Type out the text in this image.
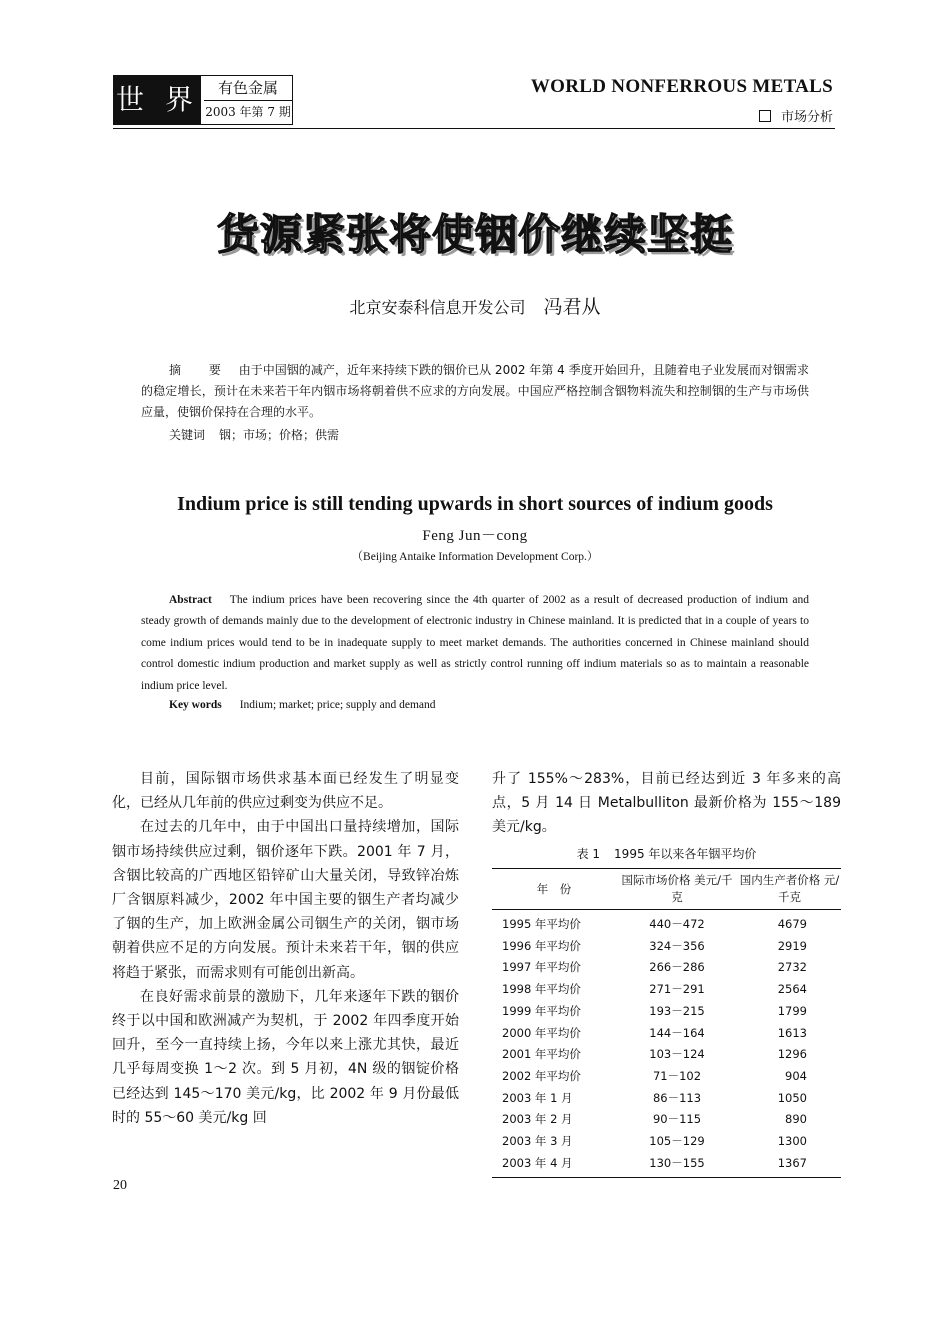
世 界	有色金属
2003 年第 7 期
WORLD NONFERROUS METALS
市场分析
货源紧张将使铟价继续坚挺
北京安泰科信息开发公司 冯君从
摘 要 由于中国铟的减产，近年来持续下跌的铟价已从 2002 年第 4 季度开始回升，且随着电子业发展而对铟需求的稳定增长，预计在未来若干年内铟市场将朝着供不应求的方向发展。中国应严格控制含铟物料流失和控制铟的生产与市场供应量，使铟价保持在合理的水平。
关键词 铟；市场；价格；供需
Indium price is still tending upwards in short sources of indium goods
Feng Jun－cong
（Beijing Antaike Information Development Corp.）
Abstract The indium prices have been recovering since the 4th quarter of 2002 as a result of decreased production of indium and steady growth of demands mainly due to the development of electronic industry in Chinese mainland. It is predicted that in a couple of years to come indium prices would tend to be in inadequate supply to meet market demands. The authorities concerned in Chinese mainland should control domestic indium production and market supply as well as strictly control running off indium materials so as to maintain a reasonable indium price level.
Key words Indium; market; price; supply and demand

目前，国际铟市场供求基本面已经发生了明显变化，已经从几年前的供应过剩变为供应不足。

在过去的几年中，由于中国出口量持续增加，国际铟市场持续供应过剩，铟价逐年下跌。2001 年 7 月，含铟比较高的广西地区铅锌矿山大量关闭，导致锌冶炼厂含铟原料减少，2002 年中国主要的铟生产者均减少了铟的生产，加上欧洲金属公司铟生产的关闭，铟市场朝着供应不足的方向发展。预计未来若干年，铟的供应将趋于紧张，而需求则有可能创出新高。

在良好需求前景的激励下，几年来逐年下跌的铟价终于以中国和欧洲减产为契机，于 2002 年四季度开始回升，至今一直持续上扬，今年以来上涨尤其快，最近几乎每周变换 1～2 次。到 5 月初，4N 级的铟锭价格已经达到 145～170 美元/kg，比 2002 年 9 月份最低时的 55～60 美元/kg 回

升了 155%～283%，目前已经达到近 3 年多来的高点，5 月 14 日 Metalbulliton 最新价格为 155～189 美元/kg。

20
表 1 1995 年以来各年铟平均价
年　份	国际市场价格 美元/千克	国内生产者价格 元/千克
1995 年平均价	440－472	4679
1996 年平均价	324－356	2919
1997 年平均价	266－286	2732
1998 年平均价	271－291	2564
1999 年平均价	193－215	1799
2000 年平均价	144－164	1613
2001 年平均价	103－124	1296
2002 年平均价	71－102	904
2003 年 1 月	86－113	1050
2003 年 2 月	90－115	890
2003 年 3 月	105－129	1300
2003 年 4 月	130－155	1367
